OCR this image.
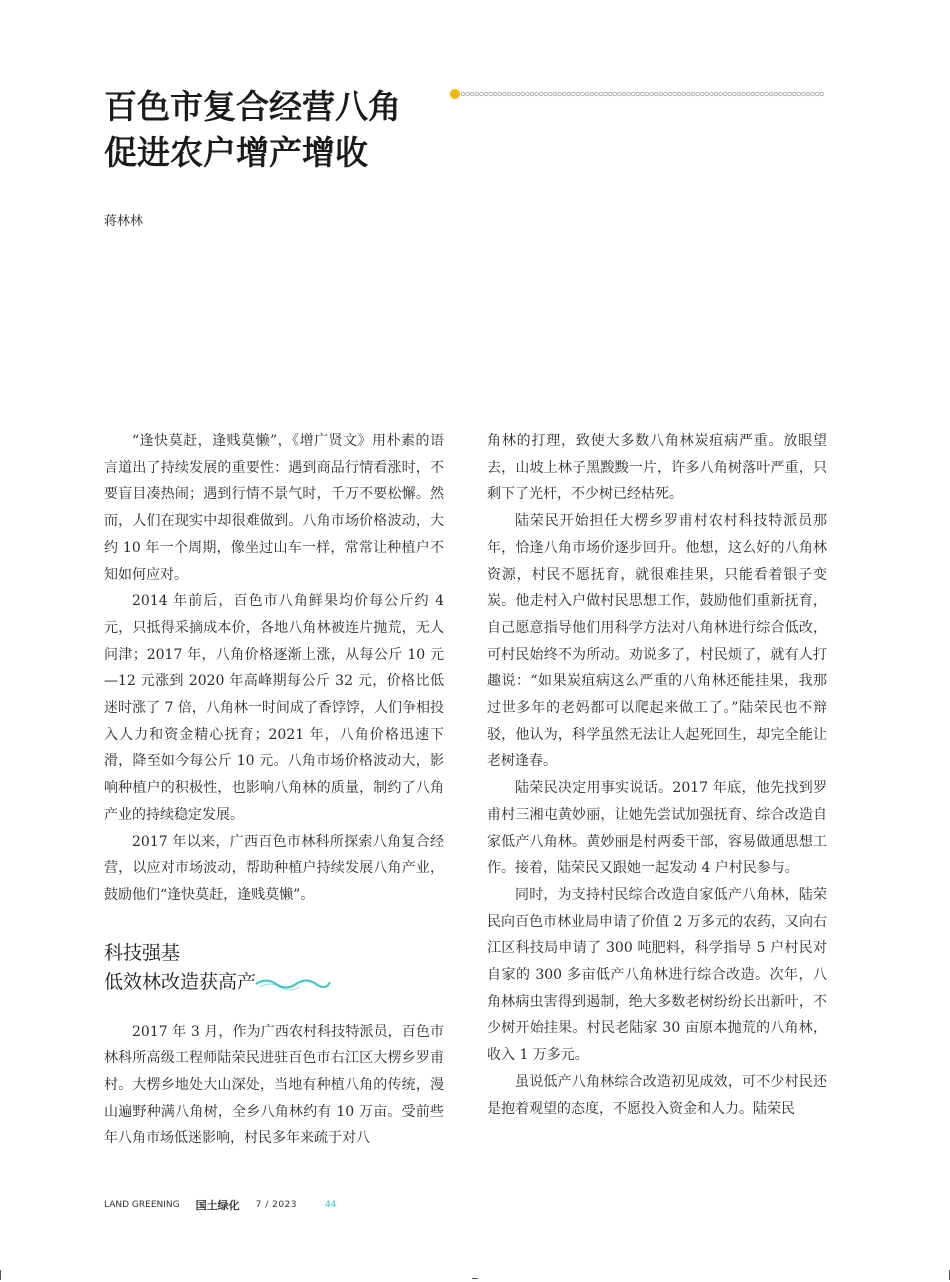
百色市复合经营八角
促进农户增产增收
蒋林林

“逢快莫赶，逢贱莫懒”，《增广贤文》用朴素的语言道出了持续发展的重要性：遇到商品行情看涨时，不要盲目凑热闹；遇到行情不景气时，千万不要松懈。然而，人们在现实中却很难做到。八角市场价格波动，大约 10 年一个周期，像坐过山车一样，常常让种植户不知如何应对。

2014 年前后，百色市八角鲜果均价每公斤约 4 元，只抵得采摘成本价，各地八角林被连片抛荒，无人问津；2017 年，八角价格逐渐上涨，从每公斤 10 元—12 元涨到 2020 年高峰期每公斤 32 元，价格比低迷时涨了 7 倍，八角林一时间成了香饽饽，人们争相投入人力和资金精心抚育；2021 年，八角价格迅速下滑，降至如今每公斤 10 元。八角市场价格波动大，影响种植户的积极性，也影响八角林的质量，制约了八角产业的持续稳定发展。

2017 年以来，广西百色市林科所探索八角复合经营，以应对市场波动，帮助种植户持续发展八角产业，鼓励他们“逢快莫赶，逢贱莫懒”。

科技强基
低效林改造获高产

2017 年 3 月，作为广西农村科技特派员，百色市林科所高级工程师陆荣民进驻百色市右江区大楞乡罗甫村。大楞乡地处大山深处，当地有种植八角的传统，漫山遍野种满八角树，全乡八角林约有 10 万亩。受前些年八角市场低迷影响，村民多年来疏于对八

角林的打理，致使大多数八角林炭疽病严重。放眼望去，山坡上林子黑黢黢一片，许多八角树落叶严重，只剩下了光杆，不少树已经枯死。

陆荣民开始担任大楞乡罗甫村农村科技特派员那年，恰逢八角市场价逐步回升。他想，这么好的八角林资源，村民不愿抚育，就很难挂果，只能看着银子变炭。他走村入户做村民思想工作，鼓励他们重新抚育，自己愿意指导他们用科学方法对八角林进行综合低改，可村民始终不为所动。劝说多了，村民烦了，就有人打趣说：“如果炭疽病这么严重的八角林还能挂果，我那过世多年的老妈都可以爬起来做工了。”陆荣民也不辩驳，他认为，科学虽然无法让人起死回生，却完全能让老树逢春。

陆荣民决定用事实说话。2017 年底，他先找到罗甫村三湘屯黄妙丽，让她先尝试加强抚育、综合改造自家低产八角林。黄妙丽是村两委干部，容易做通思想工作。接着，陆荣民又跟她一起发动 4 户村民参与。

同时，为支持村民综合改造自家低产八角林，陆荣民向百色市林业局申请了价值 2 万多元的农药，又向右江区科技局申请了 300 吨肥料，科学指导 5 户村民对自家的 300 多亩低产八角林进行综合改造。次年，八角林病虫害得到遏制，绝大多数老树纷纷长出新叶，不少树开始挂果。村民老陆家 30 亩原本抛荒的八角林，收入 1 万多元。

虽说低产八角林综合改造初见成效，可不少村民还是抱着观望的态度，不愿投入资金和人力。陆荣民

LAND GREENING 国土绿化 7 / 2023	44
